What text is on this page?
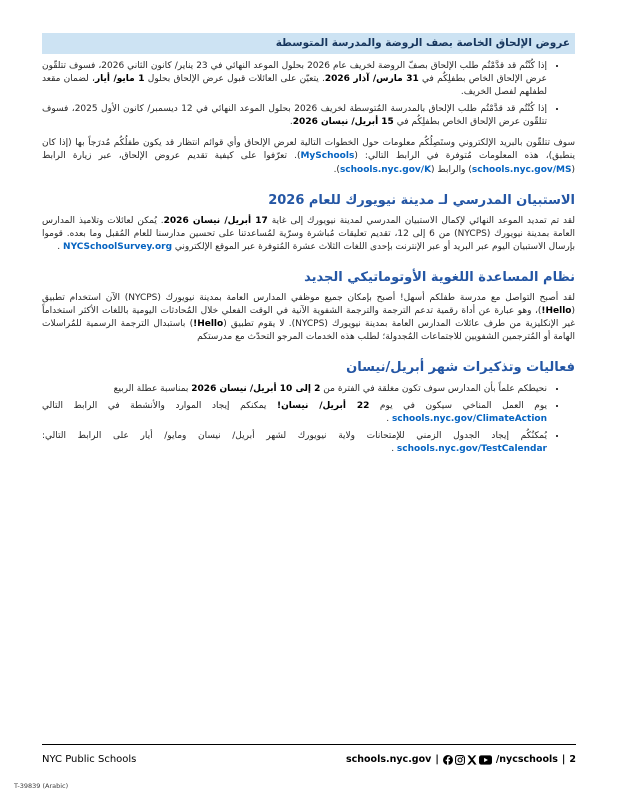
عروض الإلحاق الخاصة بصف الروضة والمدرسة المتوسطة
• إذا كُنْتُم قد قدَّمْتُم طلب الإلحاق بصفّ الروضة لخريف عام 2026 بحلول الموعد النهائي في 23 يناير/ كانون الثاني 2026، فسوف تتلقّون عرض الإلحاق الخاص بطفلِكُم في 31 مارس/ آذار 2026. يتعيّن على العائلات قبول عرض الإلحاق بحلول 1 مايو/ أيار، لضمان مقعد لطفلهم لفصل الخريف.
• إذا كُنْتُم قد قدَّمْتُم طلب الإلحاق بالمدرسة المُتوسطة لخريف 2026 بحلول الموعد النهائي في 12 ديسمبر/ كانون الأول 2025، فسوف تتلقّون عرض الإلحاق الخاص بطفلِكُم في 15 أبريل/ نيسان 2026.

سوف تتلقّون بالبريد الإلكتروني وستَصِلُكُم معلومات حول الخطوات التالية لعرض الإلحاق وأي قوائم انتظار قد يكون طفلُكُم مُدرَجاً بها (إذا كان ينطبق)، هذه المعلومات مُتوفرة في الرابط التالي: (MySchools). تعرّفوا على كيفية تقديم عروض الإلحاق، عبر زيارة الرابط (schools.nyc.gov/MS) والرابط (schools.nyc.gov/K).

الاستبيان المدرسي لـ مدينة نيويورك للعام 2026

لقد تم تمديد الموعد النهائي لإكمال الاستبيان المدرسي لمدينة نيويورك إلى غاية 17 أبريل/ نيسان 2026. يُمكن لعائلات وتلاميذ المدارس العامة بمدينة نيويورك (NYCPS) من 6 إلى 12، تقديم تعليقات مُباشرة وسرّية لمُساعدتنا على تحسين مدارسنا للعام المُقبل وما بعده. قوموا بإرسال الاستبيان اليوم عبر البريد أو عبر الإنترنت بإحدى اللغات الثلاث عشرة المُتوفرة عبر الموقع الإلكتروني NYCSchoolSurvey.org .

نظام المساعدة اللغوية الأوتوماتيكي الجديد

لقد أصبح التواصل مع مدرسة طفلكم أسهل! أصبح بإمكان جميع موظفي المدارس العامة بمدينة نيويورك (NYCPS) الآن استخدام تطبيق (Hello!)، وهو عبارة عن أداة رقمية تدعم الترجمة والترجمة الشفوية الآنية في الوقت الفعلي خلال المُحادثات اليومية باللغات الأكثر استخداماً غير الإنكليزية من طرف عائلات المدارس العامة بمدينة نيويورك (NYCPS). لا يقوم تطبيق (Hello!) باستبدال الترجمة الرسمية للمُراسلات الهامة أو المُترجمين الشفويين للاجتماعات المُجدولة؛ لطلب هذه الخدمات المرجو التحدّث مع مدرستكم

فعاليات وتذكيرات شهر أبريل/نيسان
• نحيطكم علماً بأن المدارس سوف تكون مغلقة في الفترة من 2 إلى 10 أبريل/ نيسان 2026 بمناسبة عطلة الربيع
• يوم العمل المناخي سيكون في يوم 22 أبريل/ نيسان! يمكنكم إيجاد الموارد والأنشطة في الرابط التالي schools.nyc.gov/ClimateAction .
• يُمكنُكُم إيجاد الجدول الزمني للإمتحانات ولاية نيويورك لشهر أبريل/ نيسان ومايو/ أيار على الرابط التالي: schools.nyc.gov/TestCalendar .
NYC Public Schools	schools.nyc.gov |	/nycschools | 2
T-39839 (Arabic)
